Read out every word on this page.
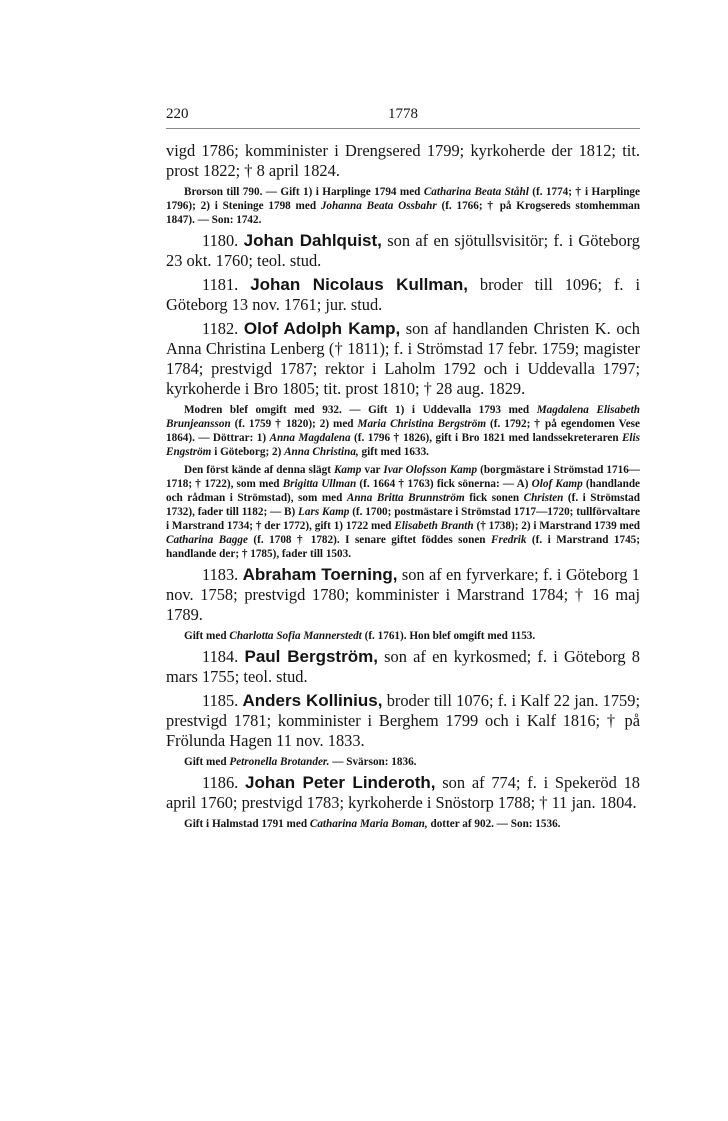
220	1778
vigd 1786; komminister i Drengsered 1799; kyrkoherde der 1812; tit. prost 1822; † 8 april 1824.
Brorson till 790. — Gift 1) i Harplinge 1794 med Catharina Beata Ståhl (f. 1774; † i Harplinge 1796); 2) i Steninge 1798 med Johanna Beata Ossbahr (f. 1766; † på Krogsereds stomhemman 1847). — Son: 1742.
1180. Johan Dahlquist, son af en sjötullsvisitör; f. i Göteborg 23 okt. 1760; teol. stud.
1181. Johan Nicolaus Kullman, broder till 1096; f. i Göteborg 13 nov. 1761; jur. stud.
1182. Olof Adolph Kamp, son af handlanden Christen K. och Anna Christina Lenberg († 1811); f. i Strömstad 17 febr. 1759; magister 1784; prestvigd 1787; rektor i Laholm 1792 och i Uddevalla 1797; kyrkoherde i Bro 1805; tit. prost 1810; † 28 aug. 1829.
Modren blef omgift med 932. — Gift 1) i Uddevalla 1793 med Magdalena Elisabeth Brunjeansson (f. 1759 † 1820); 2) med Maria Christina Bergström (f. 1792; † på egendomen Vese 1864). — Döttrar: 1) Anna Magdalena (f. 1796 † 1826), gift i Bro 1821 med landssekreteraren Elis Engström i Göteborg; 2) Anna Christina, gift med 1633.
Den först kände af denna slägt Kamp var Ivar Olofsson Kamp (borgmästare i Strömstad 1716—1718; † 1722), som med Brigitta Ullman (f. 1664 † 1763) fick sönerna: — A) Olof Kamp (handlande och rådman i Strömstad), som med Anna Britta Brunnström fick sonen Christen (f. i Strömstad 1732), fader till 1182; — B) Lars Kamp (f. 1700; postmästare i Strömstad 1717—1720; tullförvaltare i Marstrand 1734; † der 1772), gift 1) 1722 med Elisabeth Branth († 1738); 2) i Marstrand 1739 med Catharina Bagge (f. 1708 † 1782). I senare giftet föddes sonen Fredrik (f. i Marstrand 1745; handlande der; † 1785), fader till 1503.
1183. Abraham Toerning, son af en fyrverkare; f. i Göteborg 1 nov. 1758; prestvigd 1780; komminister i Marstrand 1784; † 16 maj 1789.
Gift med Charlotta Sofia Mannerstedt (f. 1761). Hon blef omgift med 1153.
1184. Paul Bergström, son af en kyrkosmed; f. i Göteborg 8 mars 1755; teol. stud.
1185. Anders Kollinius, broder till 1076; f. i Kalf 22 jan. 1759; prestvigd 1781; komminister i Berghem 1799 och i Kalf 1816; † på Frölunda Hagen 11 nov. 1833.
Gift med Petronella Brotander. — Svärson: 1836.
1186. Johan Peter Linderoth, son af 774; f. i Spekeröd 18 april 1760; prestvigd 1783; kyrkoherde i Snöstorp 1788; † 11 jan. 1804.
Gift i Halmstad 1791 med Catharina Maria Boman, dotter af 902. — Son: 1536.
